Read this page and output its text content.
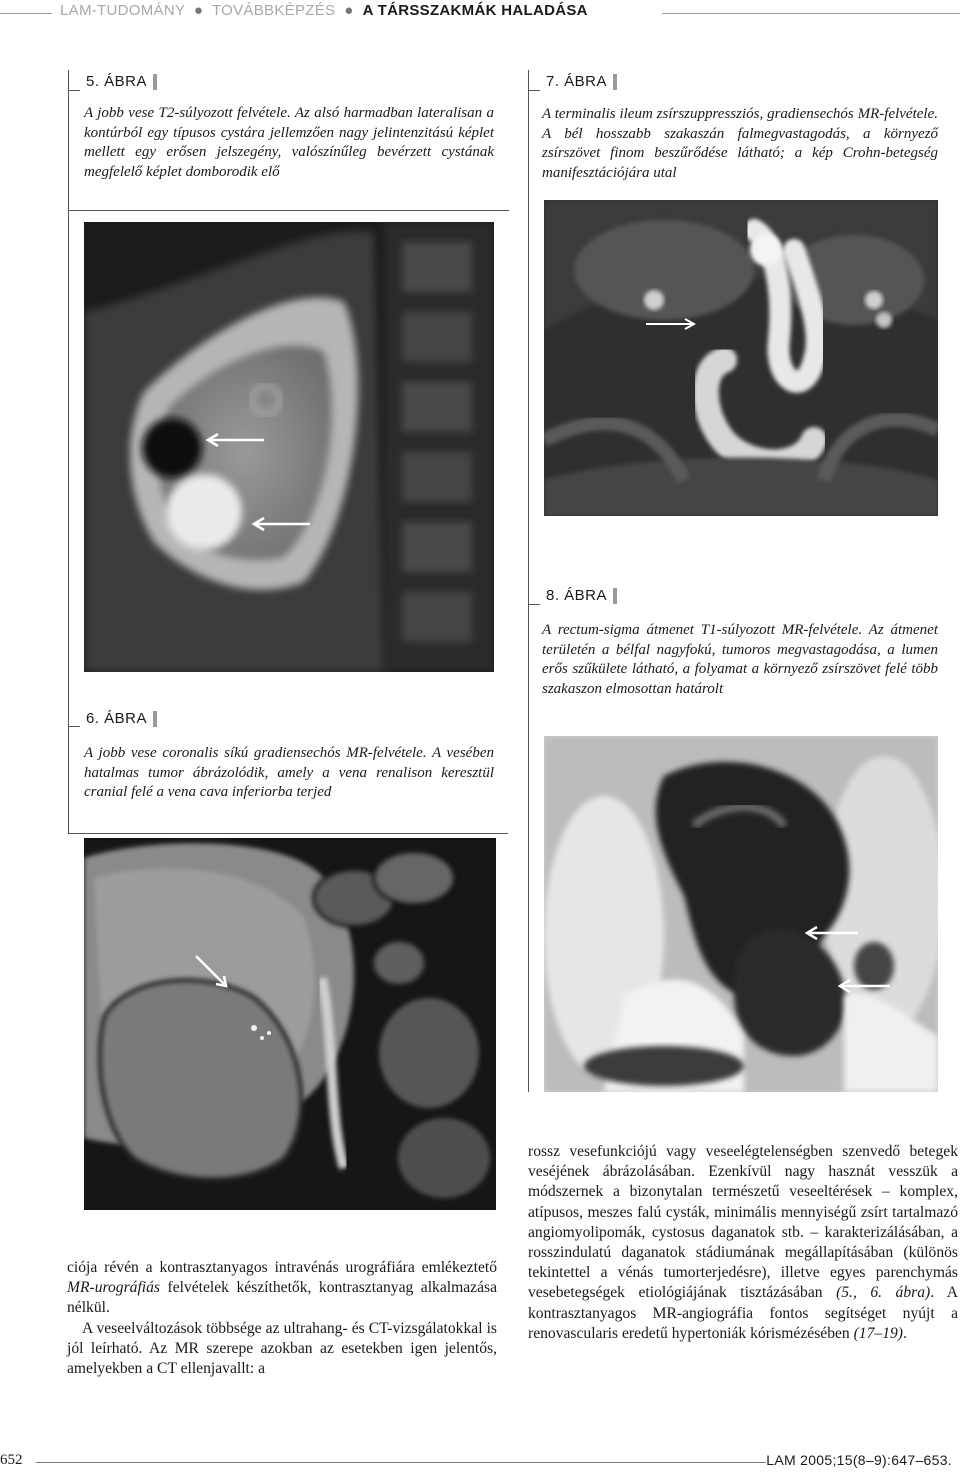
LAM-TUDOMÁNY  ●  TOVÁBBKÉPZÉS  ●  A TÁRSSZAKMÁK HALADÁSA
5. ÁBRA
A jobb vese T2-súlyozott felvétele. Az alsó harmadban lateralisan a kontúrból egy típusos cystára jellemzően nagy jelintenzitású képlet mellett egy erősen jelszegény, valószínűleg bevérzett cystának megfelelő képlet domborodik elő
6. ÁBRA
A jobb vese coronalis síkú gradiensechós MR-felvétele. A vesében hatalmas tumor ábrázolódik, amely a vena renalison keresztül cranial felé a vena cava inferiorba terjed
7. ÁBRA
A terminalis ileum zsírszuppressziós, gradiensechós MR-felvétele. A bél hosszabb szakaszán falmegvastagodás, a környező zsírszövet finom beszűrődése látható; a kép Crohn-betegség manifesztációjára utal
8. ÁBRA
A rectum-sigma átmenet T1-súlyozott MR-felvétele. Az átmenet területén a bélfal nagyfokú, tumoros megvastagodása, a lumen erős szűkülete látható, a folyamat a környező zsírszövet felé több szakaszon elmosottan határolt

ciója révén a kontrasztanyagos intravénás urográfiára emlékeztető MR-urográfiás felvételek készíthetők, kontrasztanyag alkalmazása nélkül.

A veseelváltozások többsége az ultrahang- és CT-vizsgálatokkal is jól leírható. Az MR szerepe azokban az esetekben igen jelentős, amelyekben a CT ellenjavallt: a

rossz vesefunkciójú vagy veseelégtelenségben szenvedő betegek veséjének ábrázolásában. Ezenkívül nagy hasznát vesszük a módszernek a bizonytalan természetű veseeltérések – komplex, atípusos, meszes falú cysták, minimális mennyiségű zsírt tartalmazó angiomyolipomák, cystosus daganatok stb. – karakterizálásában, a rosszindulatú daganatok stádiumának megállapításában (különös tekintettel a vénás tumorterjedésre), illetve egyes parenchymás vesebetegségek etiológiájának tisztázásában (5., 6. ábra). A kontrasztanyagos MR-angiográfia fontos segítséget nyújt a renovascularis eredetű hypertoniák kórismézésében (17–19).

652	LAM 2005;15(8–9):647–653.
